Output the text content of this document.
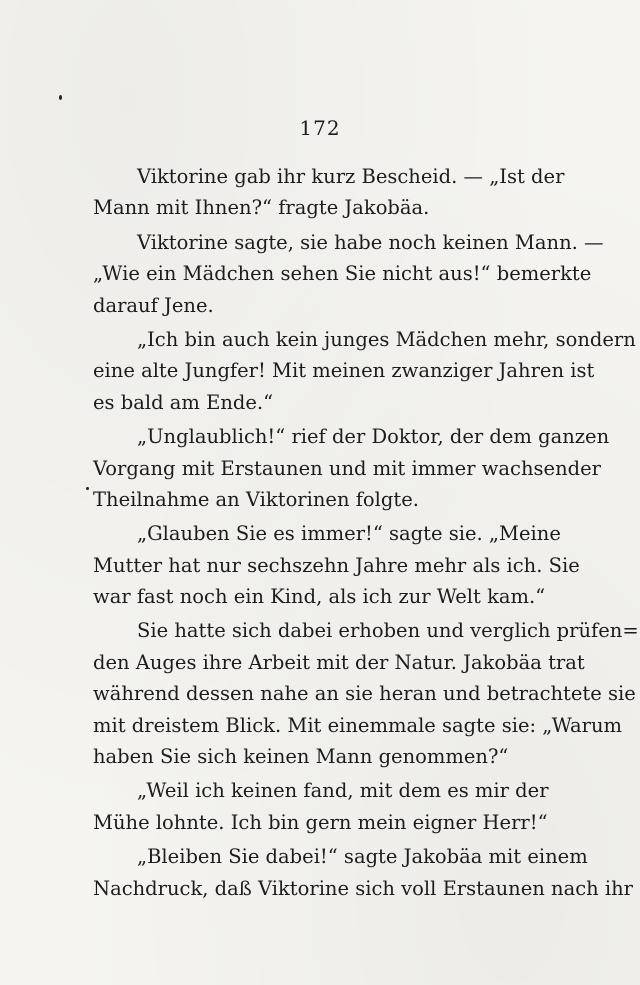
172
Viktorine gab ihr kurz Bescheid. — „Ist der
Mann mit Ihnen?“ fragte Jakobäa.
Viktorine sagte, sie habe noch keinen Mann. —
„Wie ein Mädchen sehen Sie nicht aus!“ bemerkte
darauf Jene.
„Ich bin auch kein junges Mädchen mehr, sondern
eine alte Jungfer! Mit meinen zwanziger Jahren ist
es bald am Ende.“
„Unglaublich!“ rief der Doktor, der dem ganzen
Vorgang mit Erstaunen und mit immer wachsender
Theilnahme an Viktorinen folgte.
„Glauben Sie es immer!“ sagte sie. „Meine
Mutter hat nur sechszehn Jahre mehr als ich. Sie
war fast noch ein Kind, als ich zur Welt kam.“
Sie hatte sich dabei erhoben und verglich prüfen=
den Auges ihre Arbeit mit der Natur. Jakobäa trat
während dessen nahe an sie heran und betrachtete sie
mit dreistem Blick. Mit einemmale sagte sie: „Warum
haben Sie sich keinen Mann genommen?“
„Weil ich keinen fand, mit dem es mir der
Mühe lohnte. Ich bin gern mein eigner Herr!“
„Bleiben Sie dabei!“ sagte Jakobäa mit einem
Nachdruck, daß Viktorine sich voll Erstaunen nach ihr
